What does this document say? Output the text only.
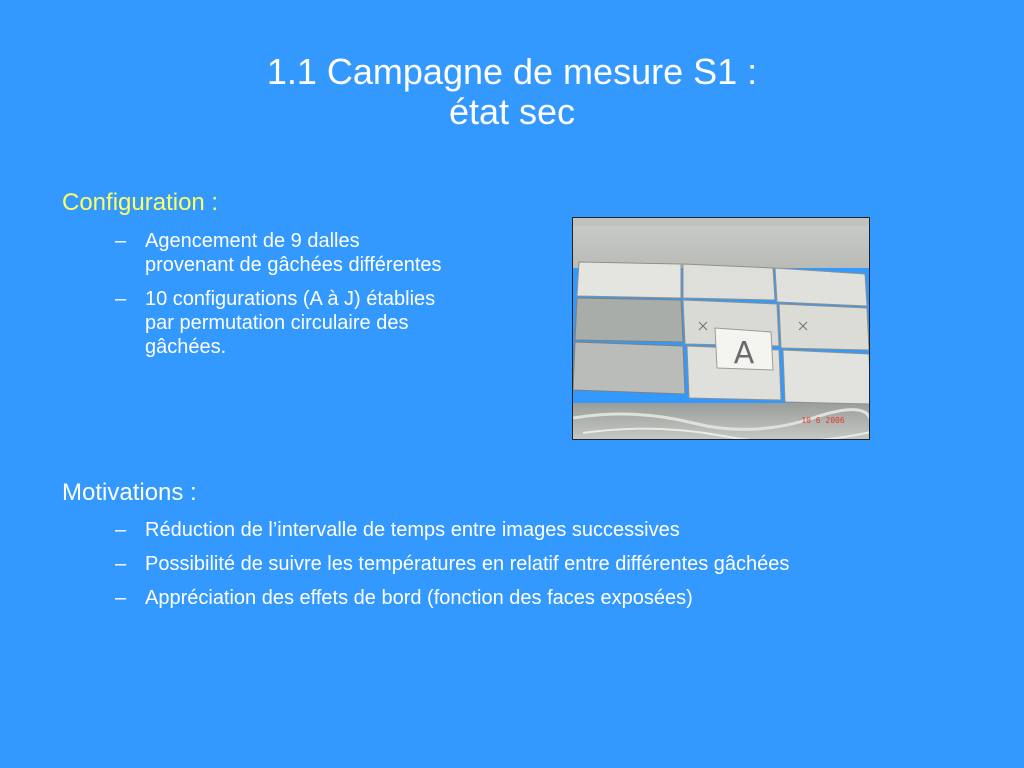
1.1 Campagne de mesure S1 :
état sec
Configuration :
– Agencement de 9 dalles provenant de gâchées différentes
– 10 configurations (A à J) établies par permutation circulaire des gâchées.	A
10 6 2006
Motivations :
– Réduction de l’intervalle de temps entre images successives
– Possibilité de suivre les températures en relatif entre différentes gâchées
– Appréciation des effets de bord (fonction des faces exposées)
